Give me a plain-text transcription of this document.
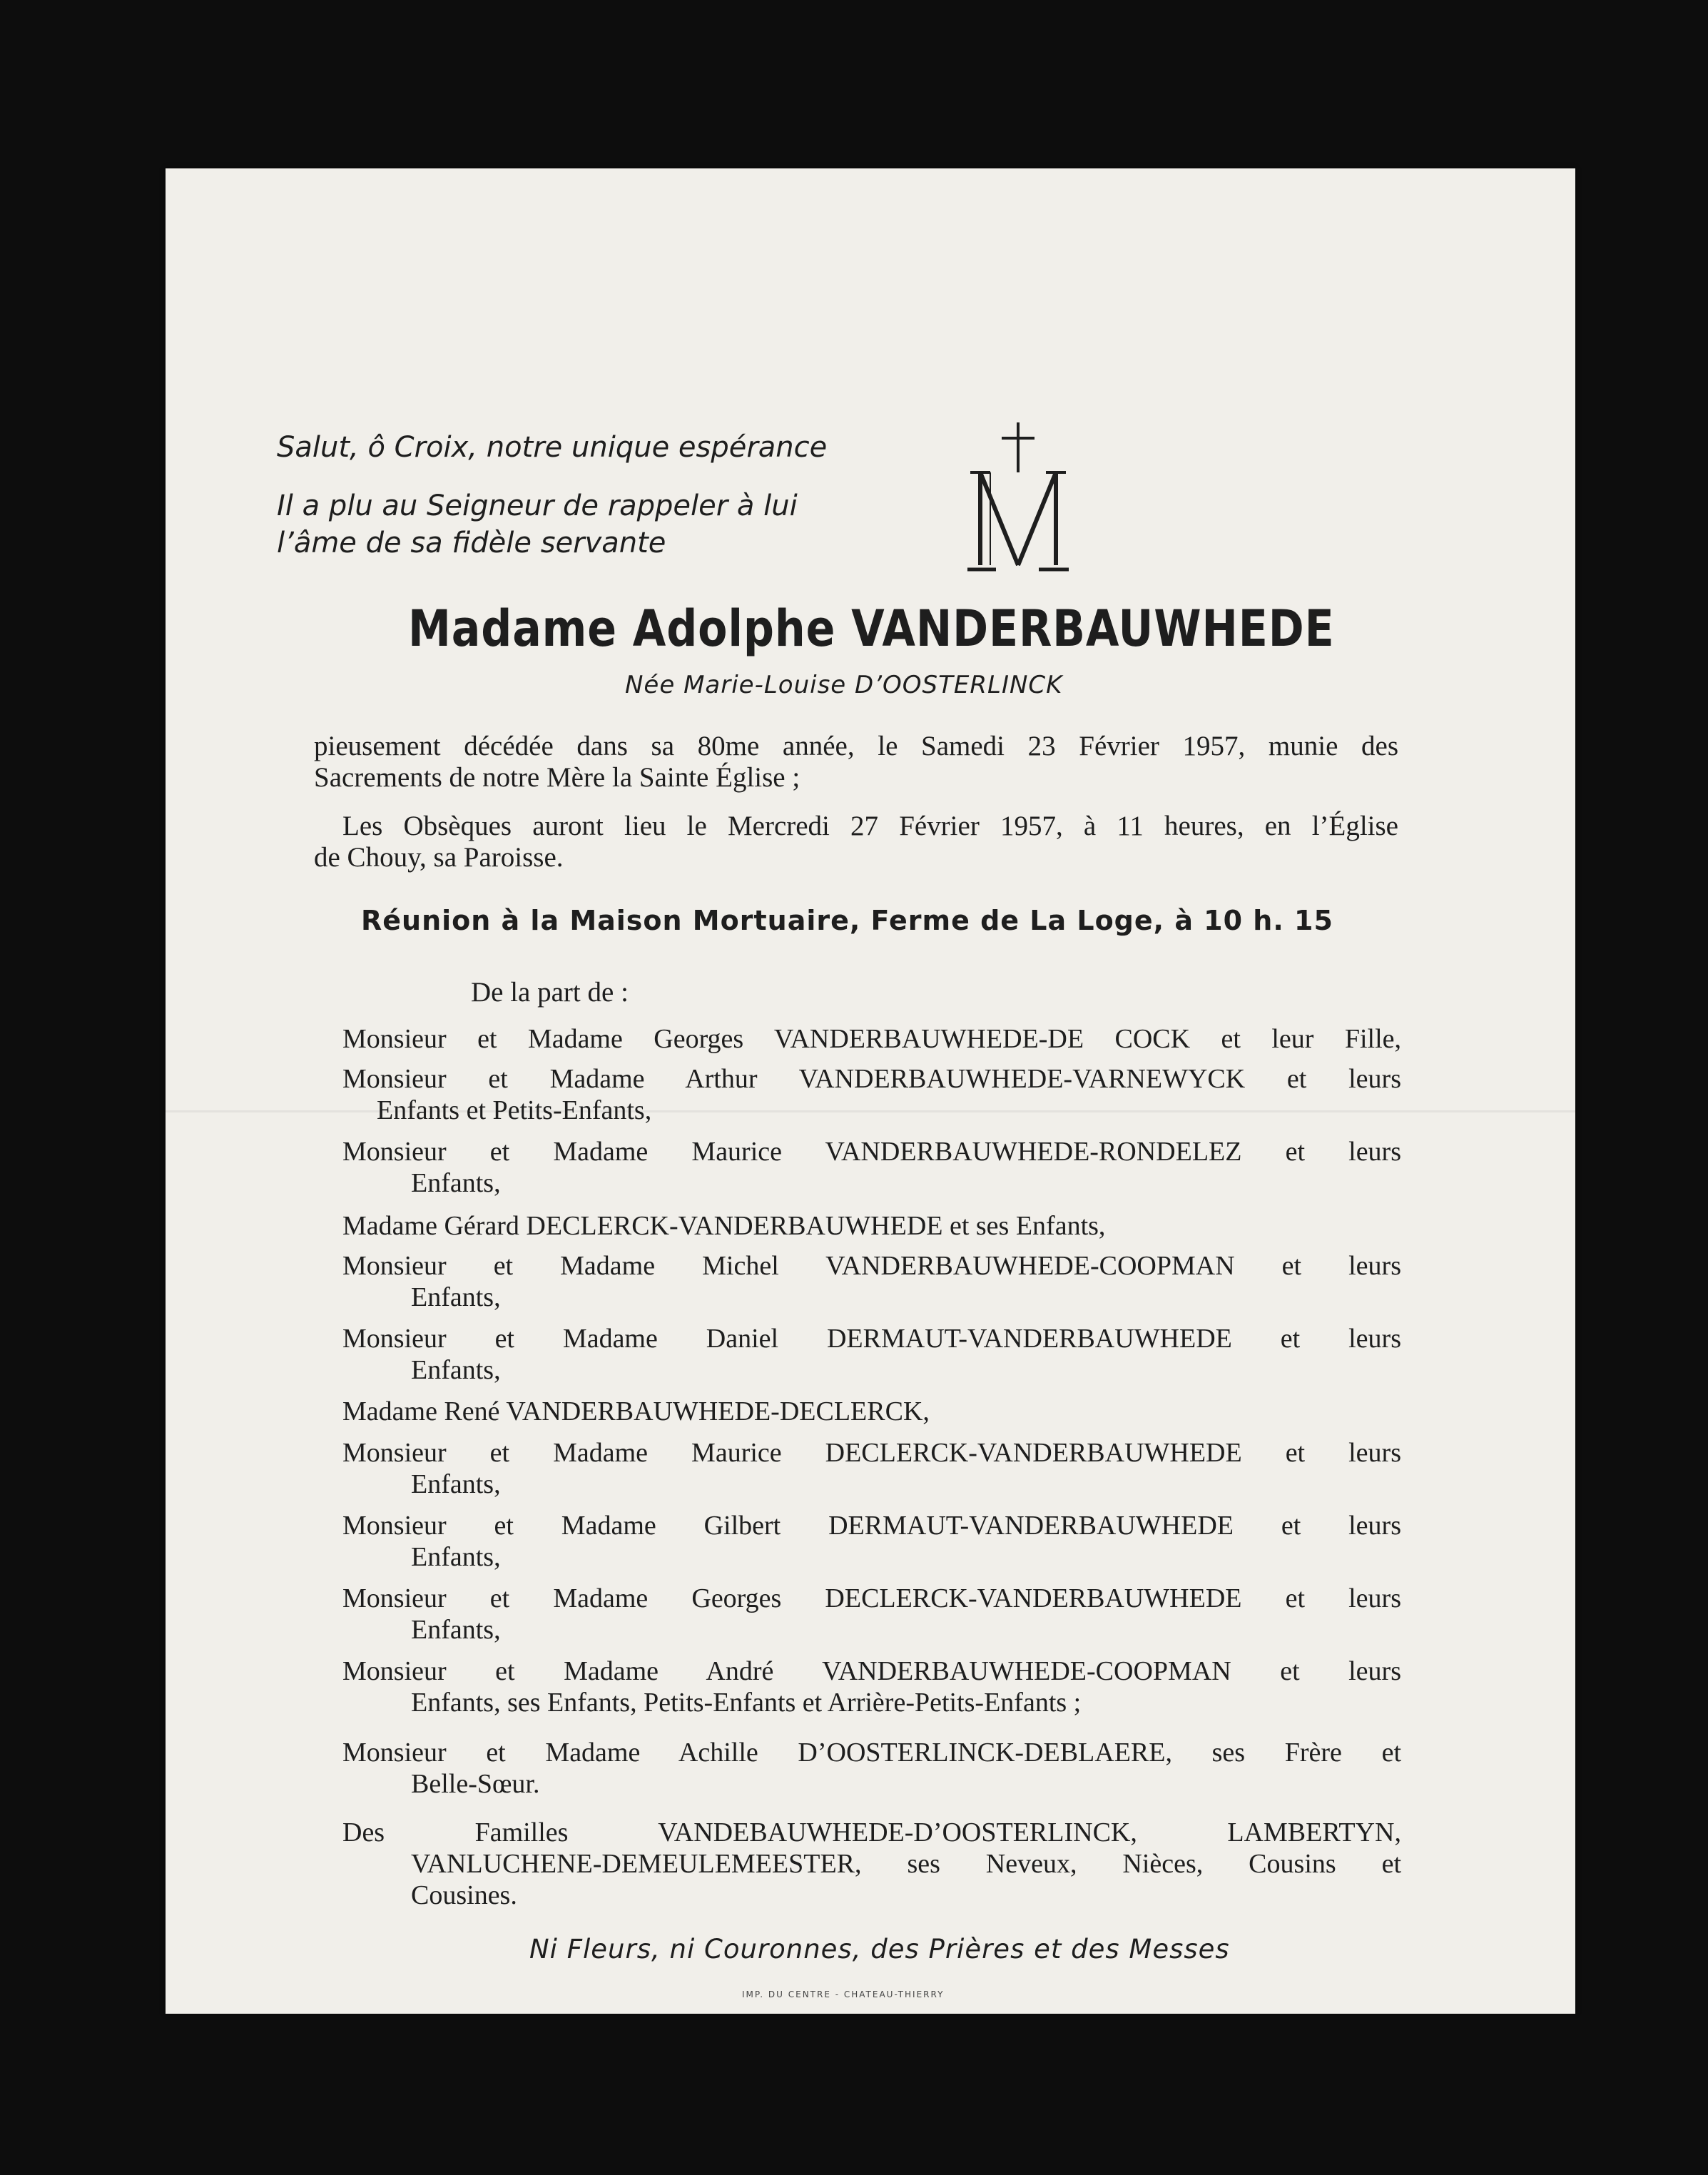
Salut, ô Croix, notre unique espérance

Il a plu au Seigneur de rappeler à lui

l’âme de sa fidèle servante

Madame Adolphe VANDERBAUWHEDE

Née Marie-Louise D’OOSTERLINCK

pieusement décédée dans sa 80me année, le Samedi 23 Février 1957, munie des

Sacrements de notre Mère la Sainte Église ;

Les Obsèques auront lieu le Mercredi 27 Février 1957, à 11 heures, en l’Église

de Chouy, sa Paroisse.

Réunion à la Maison Mortuaire, Ferme de La Loge, à 10 h. 15

De la part de :

Monsieur et Madame Georges VANDERBAUWHEDE-DE COCK et leur Fille,
Monsieur et Madame Arthur VANDERBAUWHEDE-VARNEWYCK et leurs
Enfants et Petits-Enfants,
Monsieur et Madame Maurice VANDERBAUWHEDE-RONDELEZ et leurs
Enfants,
Madame Gérard DECLERCK-VANDERBAUWHEDE et ses Enfants,
Monsieur et Madame Michel VANDERBAUWHEDE-COOPMAN et leurs
Enfants,
Monsieur et Madame Daniel DERMAUT-VANDERBAUWHEDE et leurs
Enfants,
Madame René VANDERBAUWHEDE-DECLERCK,
Monsieur et Madame Maurice DECLERCK-VANDERBAUWHEDE et leurs
Enfants,
Monsieur et Madame Gilbert DERMAUT-VANDERBAUWHEDE et leurs
Enfants,
Monsieur et Madame Georges DECLERCK-VANDERBAUWHEDE et leurs
Enfants,
Monsieur et Madame André VANDERBAUWHEDE-COOPMAN et leurs
Enfants, ses Enfants, Petits-Enfants et Arrière-Petits-Enfants ;
Monsieur et Madame Achille D’OOSTERLINCK-DEBLAERE, ses Frère et
Belle-Sœur.
Des Familles VANDEBAUWHEDE-D’OOSTERLINCK, LAMBERTYN,
VANLUCHENE-DEMEULEMEESTER, ses Neveux, Nièces, Cousins et
Cousines.

Ni Fleurs, ni Couronnes, des Prières et des Messes

IMP. DU CENTRE - CHATEAU-THIERRY
